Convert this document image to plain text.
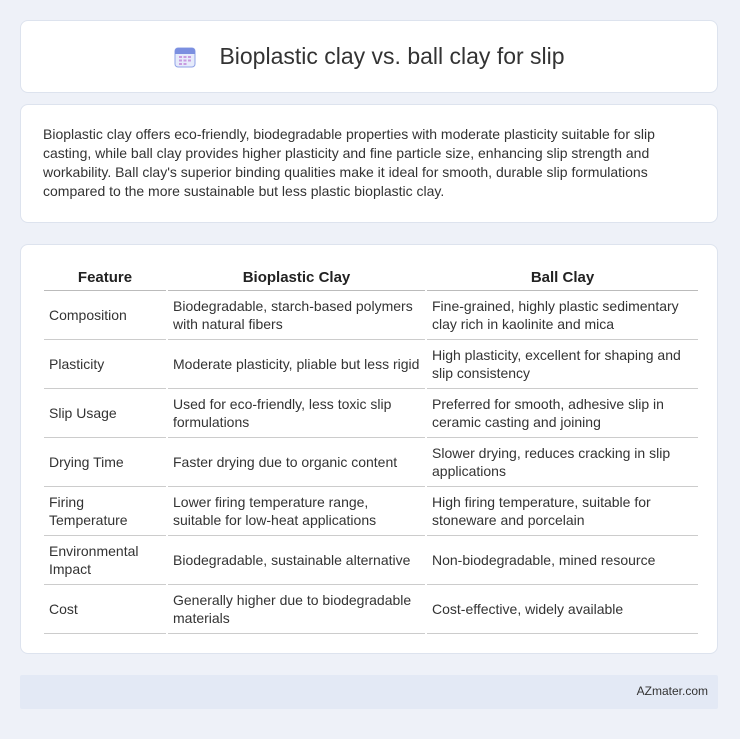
Bioplastic clay vs. ball clay for slip

Bioplastic clay offers eco-friendly, biodegradable properties with moderate plasticity suitable for slip casting, while ball clay provides higher plasticity and fine particle size, enhancing slip strength and workability. Ball clay's superior binding qualities make it ideal for smooth, durable slip formulations compared to the more sustainable but less plastic bioplastic clay.

Feature	Bioplastic Clay	Ball Clay
Composition	Biodegradable, starch-based polymers with natural fibers	Fine-grained, highly plastic sedimentary clay rich in kaolinite and mica
Plasticity	Moderate plasticity, pliable but less rigid	High plasticity, excellent for shaping and slip consistency
Slip Usage	Used for eco-friendly, less toxic slip formulations	Preferred for smooth, adhesive slip in ceramic casting and joining
Drying Time	Faster drying due to organic content	Slower drying, reduces cracking in slip applications
Firing Temperature	Lower firing temperature range, suitable for low-heat applications	High firing temperature, suitable for stoneware and porcelain
Environmental Impact	Biodegradable, sustainable alternative	Non-biodegradable, mined resource
Cost	Generally higher due to biodegradable materials	Cost-effective, widely available
AZmater.com
